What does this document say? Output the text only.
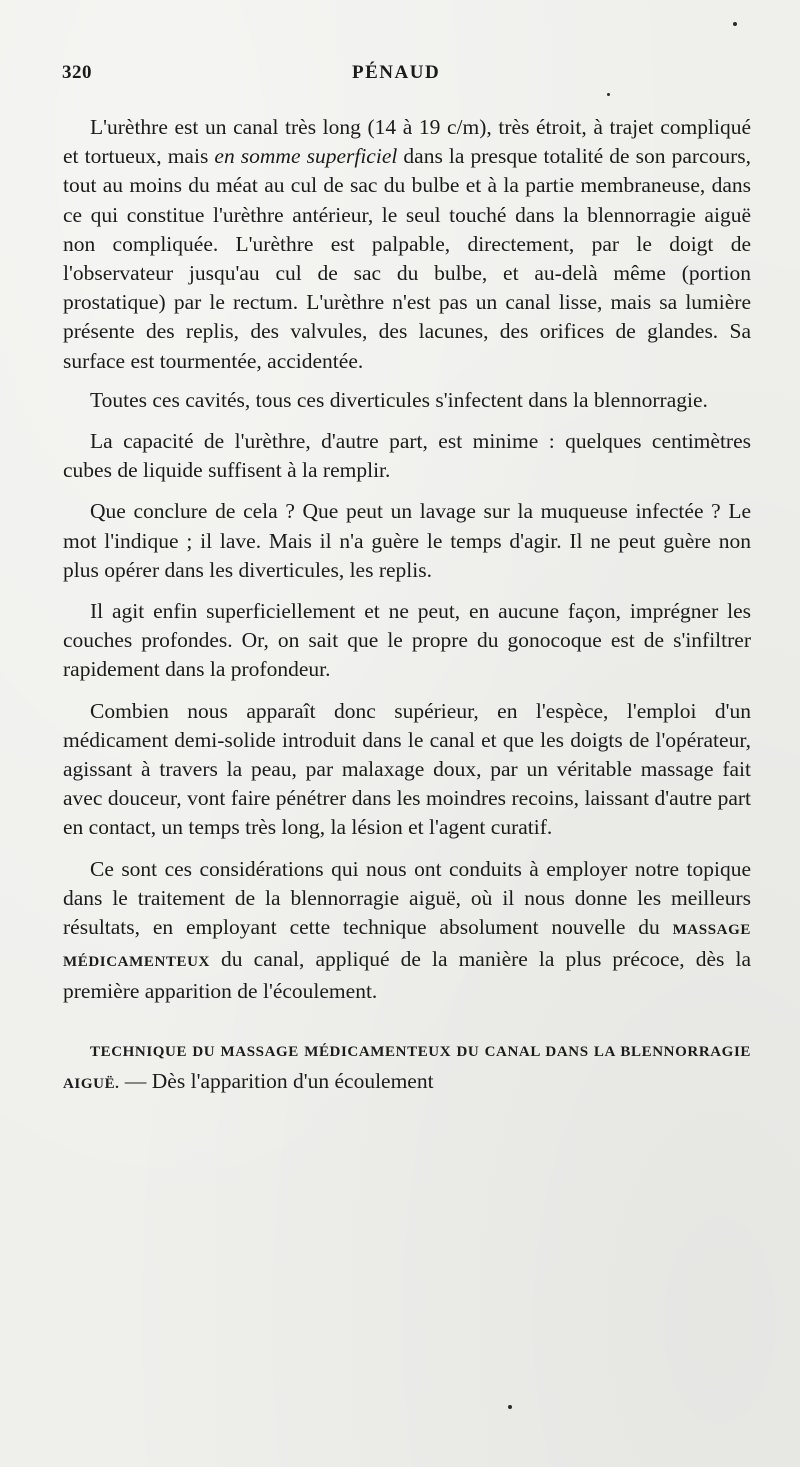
320	PÉNAUD

L'urèthre est un canal très long (14 à 19 c/m), très étroit, à trajet compliqué et tortueux, mais en somme superficiel dans la presque totalité de son parcours, tout au moins du méat au cul de sac du bulbe et à la partie membraneuse, dans ce qui constitue l'urèthre antérieur, le seul touché dans la blennorragie aiguë non compliquée. L'urèthre est palpable, directement, par le doigt de l'observateur jusqu'au cul de sac du bulbe, et au-delà même (portion prostatique) par le rectum. L'urèthre n'est pas un canal lisse, mais sa lumière présente des replis, des valvules, des lacunes, des orifices de glandes. Sa surface est tourmentée, accidentée.

Toutes ces cavités, tous ces diverticules s'infectent dans la blennorragie.

La capacité de l'urèthre, d'autre part, est minime : quelques centimètres cubes de liquide suffisent à la remplir.

Que conclure de cela ? Que peut un lavage sur la muqueuse infectée ? Le mot l'indique ; il lave. Mais il n'a guère le temps d'agir. Il ne peut guère non plus opérer dans les diverticules, les replis.

Il agit enfin superficiellement et ne peut, en aucune façon, imprégner les couches profondes. Or, on sait que le propre du gonocoque est de s'infiltrer rapidement dans la profondeur.

Combien nous apparaît donc supérieur, en l'espèce, l'emploi d'un médicament demi-solide introduit dans le canal et que les doigts de l'opérateur, agissant à travers la peau, par malaxage doux, par un véritable massage fait avec douceur, vont faire pénétrer dans les moindres recoins, laissant d'autre part en contact, un temps très long, la lésion et l'agent curatif.

Ce sont ces considérations qui nous ont conduits à employer notre topique dans le traitement de la blennorragie aiguë, où il nous donne les meilleurs résultats, en employant cette technique absolument nouvelle du MASSAGE MÉDICAMENTEUX du canal, appliqué de la manière la plus précoce, dès la première apparition de l'écoulement.

TECHNIQUE DU MASSAGE MÉDICAMENTEUX DU CANAL DANS LA BLENNORRAGIE AIGUË. — Dès l'apparition d'un écoulement
